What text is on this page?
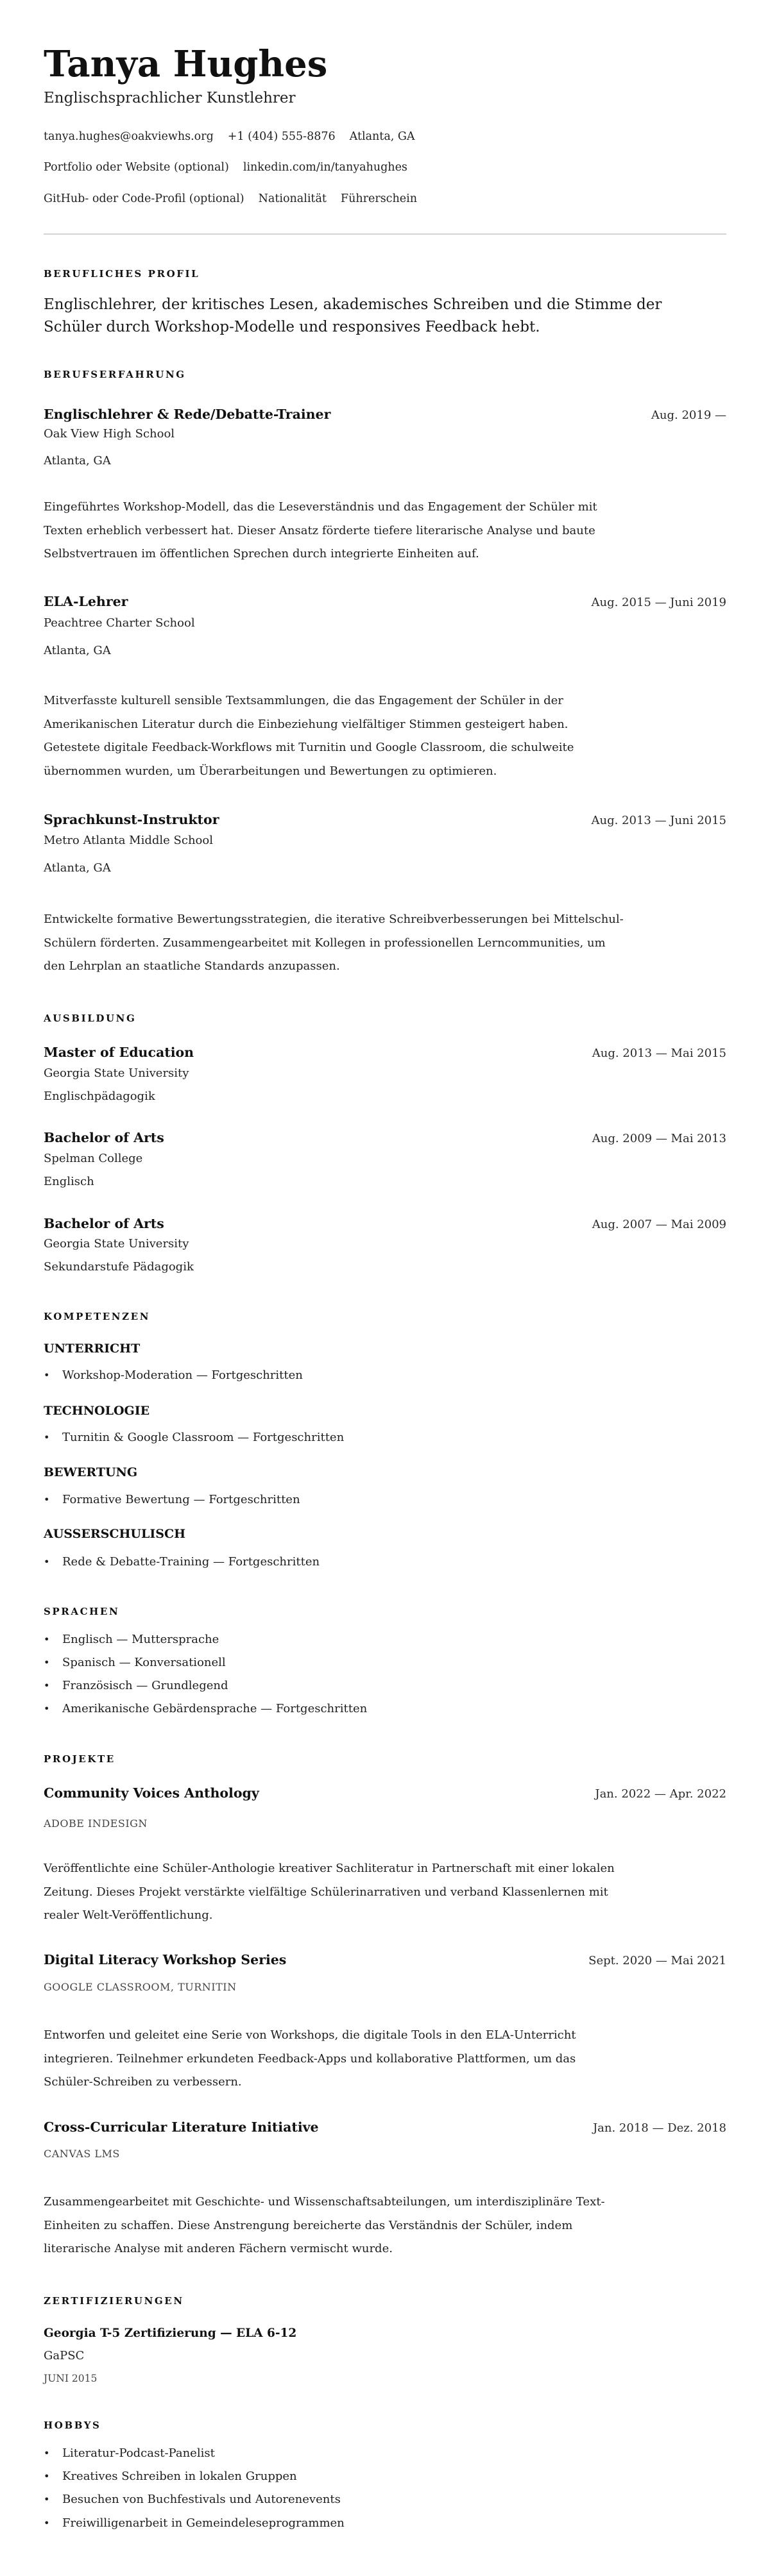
Tanya Hughes
Englischsprachlicher Kunstlehrer
tanya.hughes@oakviewhs.org +1 (404) 555-8876 Atlanta, GA
Portfolio oder Website (optional) linkedin.com/in/tanyahughes
GitHub- oder Code-Profil (optional) Nationalität Führerschein
BERUFLICHES PROFIL
Englischlehrer, der kritisches Lesen, akademisches Schreiben und die Stimme der
Schüler durch Workshop-Modelle und responsives Feedback hebt.
BERUFSERFAHRUNG
Englischlehrer & Rede/Debatte-Trainer	Aug. 2019 —
Oak View High School
Atlanta, GA
Eingeführtes Workshop-Modell, das die Leseverständnis und das Engagement der Schüler mit
Texten erheblich verbessert hat. Dieser Ansatz förderte tiefere literarische Analyse und baute
Selbstvertrauen im öffentlichen Sprechen durch integrierte Einheiten auf.
ELA-Lehrer	Aug. 2015 — Juni 2019
Peachtree Charter School
Atlanta, GA
Mitverfasste kulturell sensible Textsammlungen, die das Engagement der Schüler in der
Amerikanischen Literatur durch die Einbeziehung vielfältiger Stimmen gesteigert haben.
Getestete digitale Feedback-Workflows mit Turnitin und Google Classroom, die schulweite
übernommen wurden, um Überarbeitungen und Bewertungen zu optimieren.
Sprachkunst-Instruktor	Aug. 2013 — Juni 2015
Metro Atlanta Middle School
Atlanta, GA
Entwickelte formative Bewertungsstrategien, die iterative Schreibverbesserungen bei Mittelschul-
Schülern förderten. Zusammengearbeitet mit Kollegen in professionellen Lerncommunities, um
den Lehrplan an staatliche Standards anzupassen.
AUSBILDUNG
Master of Education	Aug. 2013 — Mai 2015
Georgia State University
Englischpädagogik
Bachelor of Arts	Aug. 2009 — Mai 2013
Spelman College
Englisch
Bachelor of Arts	Aug. 2007 — Mai 2009
Georgia State University
Sekundarstufe Pädagogik
KOMPETENZEN
UNTERRICHT
•	Workshop-Moderation — Fortgeschritten
TECHNOLOGIE
•	Turnitin & Google Classroom — Fortgeschritten
BEWERTUNG
•	Formative Bewertung — Fortgeschritten
AUSSERSCHULISCH
•	Rede & Debatte-Training — Fortgeschritten
SPRACHEN
•	Englisch — Muttersprache
•	Spanisch — Konversationell
•	Französisch — Grundlegend
•	Amerikanische Gebärdensprache — Fortgeschritten
PROJEKTE
Community Voices Anthology	Jan. 2022 — Apr. 2022
ADOBE INDESIGN
Veröffentlichte eine Schüler-Anthologie kreativer Sachliteratur in Partnerschaft mit einer lokalen
Zeitung. Dieses Projekt verstärkte vielfältige Schülerinarrativen und verband Klassenlernen mit
realer Welt-Veröffentlichung.
Digital Literacy Workshop Series	Sept. 2020 — Mai 2021
GOOGLE CLASSROOM, TURNITIN
Entworfen und geleitet eine Serie von Workshops, die digitale Tools in den ELA-Unterricht
integrieren. Teilnehmer erkundeten Feedback-Apps und kollaborative Plattformen, um das
Schüler-Schreiben zu verbessern.
Cross-Curricular Literature Initiative	Jan. 2018 — Dez. 2018
CANVAS LMS
Zusammengearbeitet mit Geschichte- und Wissenschaftsabteilungen, um interdisziplinäre Text-
Einheiten zu schaffen. Diese Anstrengung bereicherte das Verständnis der Schüler, indem
literarische Analyse mit anderen Fächern vermischt wurde.
ZERTIFIZIERUNGEN
Georgia T-5 Zertifizierung — ELA 6-12
GaPSC
JUNI 2015
HOBBYS
•	Literatur-Podcast-Panelist
•	Kreatives Schreiben in lokalen Gruppen
•	Besuchen von Buchfestivals und Autorenevents
•	Freiwilligenarbeit in Gemeindeleseprogrammen
